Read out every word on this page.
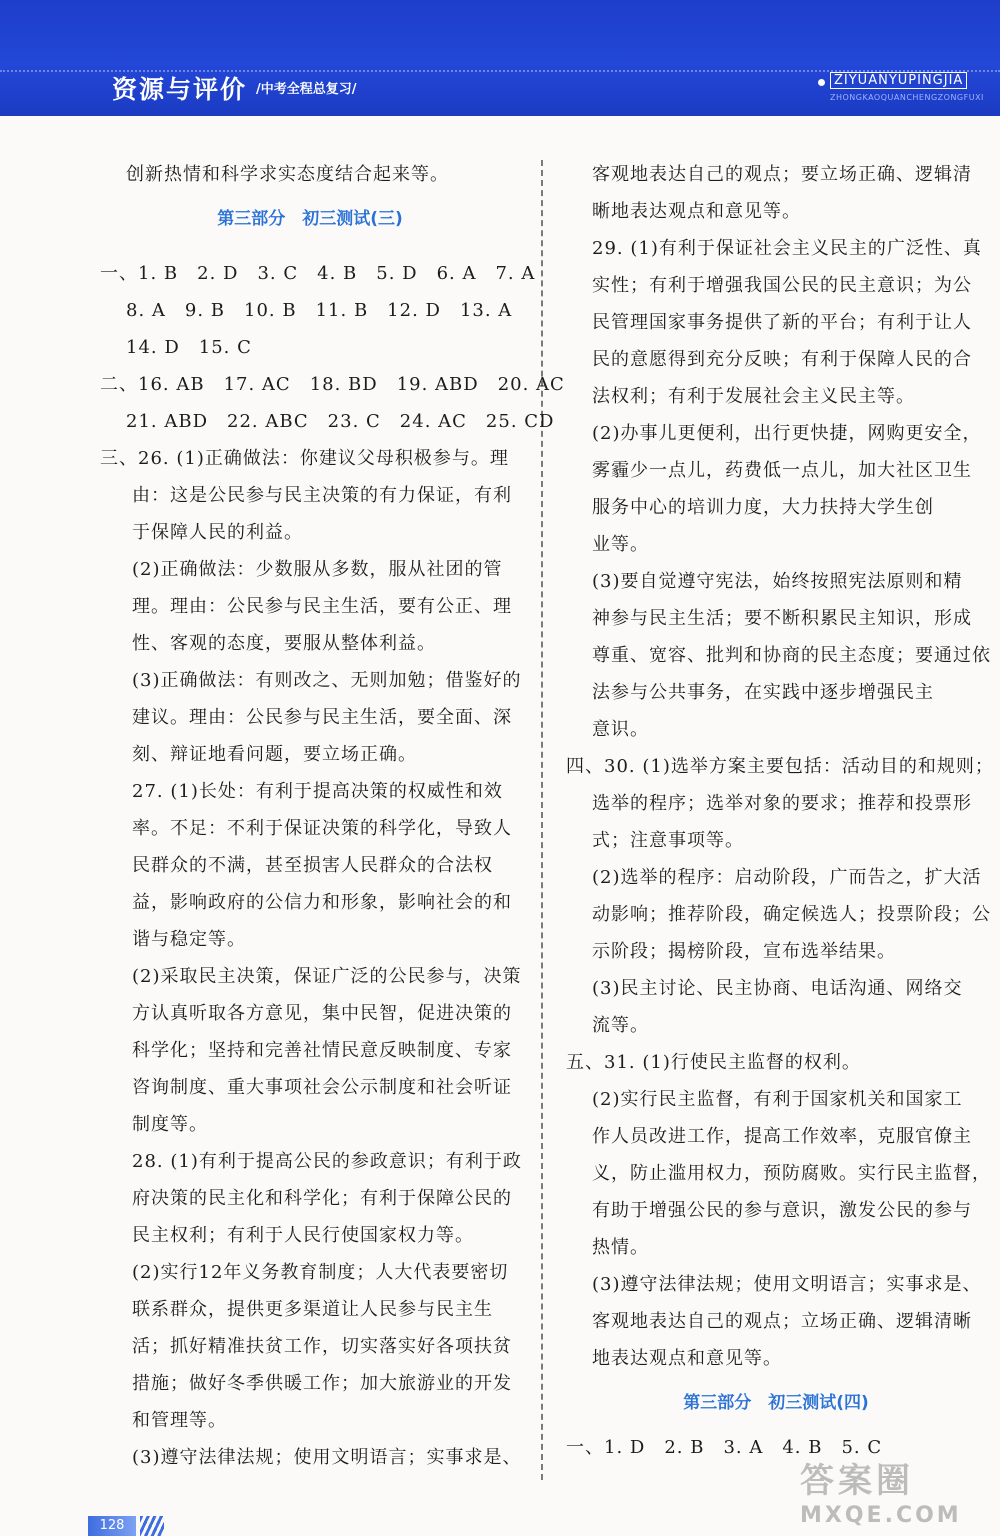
资源与评价 /中考全程总复习/
ZIYUANYUPINGJIA
ZHONGKAOQUANCHENGZONGFUXI
创新热情和科学求实态度结合起来等。
第三部分　初三测试(三)
一、1. B　2. D　3. C　4. B　5. D　6. A　7. A
8. A　9. B　10. B　11. B　12. D　13. A
14. D　15. C
二、16. AB　17. AC　18. BD　19. ABD　20. AC
21. ABD　22. ABC　23. C　24. AC　25. CD
三、26. (1)正确做法：你建议父母积极参与。理
由：这是公民参与民主决策的有力保证，有利
于保障人民的利益。
(2)正确做法：少数服从多数，服从社团的管
理。理由：公民参与民主生活，要有公正、理
性、客观的态度，要服从整体利益。
(3)正确做法：有则改之、无则加勉；借鉴好的
建议。理由：公民参与民主生活，要全面、深
刻、辩证地看问题，要立场正确。
27. (1)长处：有利于提高决策的权威性和效
率。不足：不利于保证决策的科学化，导致人
民群众的不满，甚至损害人民群众的合法权
益，影响政府的公信力和形象，影响社会的和
谐与稳定等。
(2)采取民主决策，保证广泛的公民参与，决策
方认真听取各方意见，集中民智，促进决策的
科学化；坚持和完善社情民意反映制度、专家
咨询制度、重大事项社会公示制度和社会听证
制度等。
28. (1)有利于提高公民的参政意识；有利于政
府决策的民主化和科学化；有利于保障公民的
民主权利；有利于人民行使国家权力等。
(2)实行12年义务教育制度；人大代表要密切
联系群众，提供更多渠道让人民参与民主生
活；抓好精准扶贫工作，切实落实好各项扶贫
措施；做好冬季供暖工作；加大旅游业的开发
和管理等。
(3)遵守法律法规；使用文明语言；实事求是、
客观地表达自己的观点；要立场正确、逻辑清
晰地表达观点和意见等。
29. (1)有利于保证社会主义民主的广泛性、真
实性；有利于增强我国公民的民主意识；为公
民管理国家事务提供了新的平台；有利于让人
民的意愿得到充分反映；有利于保障人民的合
法权利；有利于发展社会主义民主等。
(2)办事儿更便利，出行更快捷，网购更安全，
雾霾少一点儿，药费低一点儿，加大社区卫生
服务中心的培训力度，大力扶持大学生创
业等。
(3)要自觉遵守宪法，始终按照宪法原则和精
神参与民主生活；要不断积累民主知识，形成
尊重、宽容、批判和协商的民主态度；要通过依
法参与公共事务，在实践中逐步增强民主
意识。
四、30. (1)选举方案主要包括：活动目的和规则；
选举的程序；选举对象的要求；推荐和投票形
式；注意事项等。
(2)选举的程序：启动阶段，广而告之，扩大活
动影响；推荐阶段，确定候选人；投票阶段；公
示阶段；揭榜阶段，宣布选举结果。
(3)民主讨论、民主协商、电话沟通、网络交
流等。
五、31. (1)行使民主监督的权利。
(2)实行民主监督，有利于国家机关和国家工
作人员改进工作，提高工作效率，克服官僚主
义，防止滥用权力，预防腐败。实行民主监督，
有助于增强公民的参与意识，激发公民的参与
热情。
(3)遵守法律法规；使用文明语言；实事求是、
客观地表达自己的观点；立场正确、逻辑清晰
地表达观点和意见等。
第三部分　初三测试(四)
一、1. D　2. B　3. A　4. B　5. C
128
答案圈
MXQE.COM
